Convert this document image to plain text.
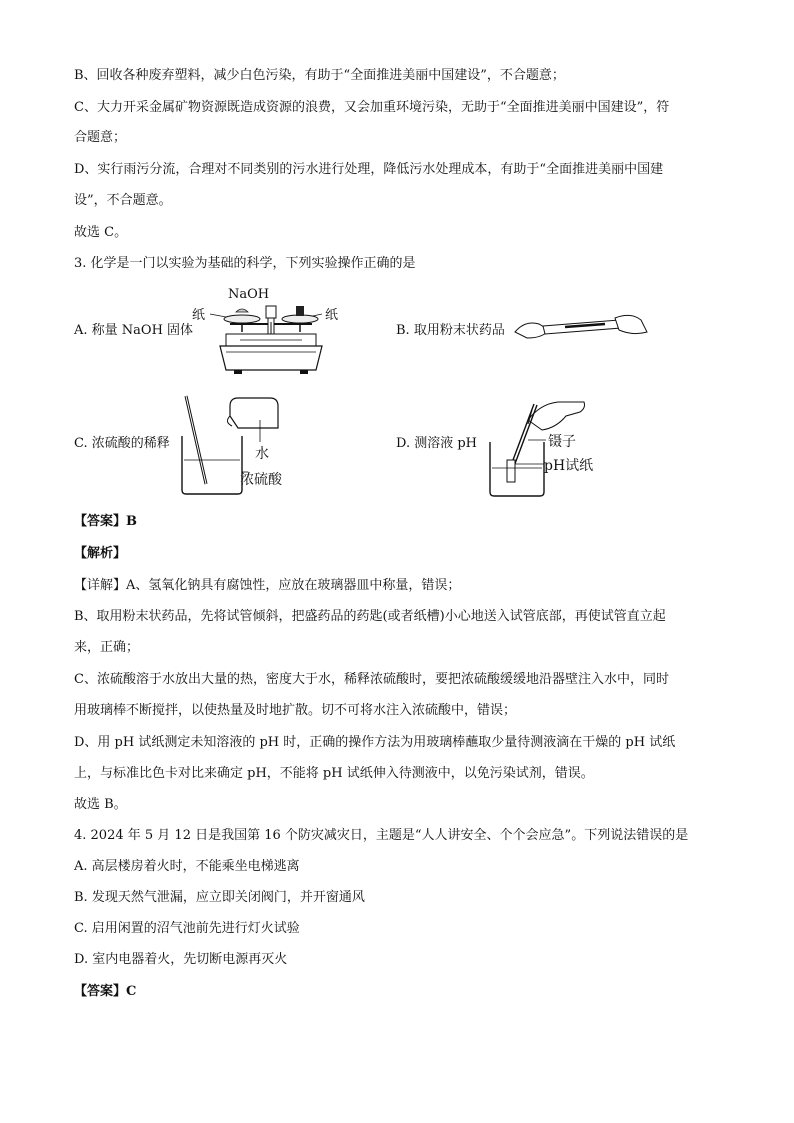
B、回收各种废弃塑料，减少白色污染，有助于“全面推进美丽中国建设”，不合题意；
C、大力开采金属矿物资源既造成资源的浪费，又会加重环境污染，无助于“全面推进美丽中国建设”，符
合题意；
D、实行雨污分流，合理对不同类别的污水进行处理，降低污水处理成本，有助于“全面推进美丽中国建
设”，不合题意。
故选 C。
3. 化学是一门以实验为基础的科学，下列实验操作正确的是
A. 称量 NaOH 固体	B. 取用粉末状药品
C. 浓硫酸的稀释	D. 测溶液 pH
NaOH
纸	纸
水
浓硫酸
镊子
pH试纸
【答案】B
【解析】
【详解】A、氢氧化钠具有腐蚀性，应放在玻璃器皿中称量，错误；
B、取用粉末状药品，先将试管倾斜，把盛药品的药匙(或者纸槽)小心地送入试管底部，再使试管直立起
来，正确；
C、浓硫酸溶于水放出大量的热，密度大于水，稀释浓硫酸时，要把浓硫酸缓缓地沿器壁注入水中，同时
用玻璃棒不断搅拌，以使热量及时地扩散。切不可将水注入浓硫酸中，错误；
D、用 pH 试纸测定未知溶液的 pH 时，正确的操作方法为用玻璃棒蘸取少量待测液滴在干燥的 pH 试纸
上，与标准比色卡对比来确定 pH，不能将 pH 试纸伸入待测液中，以免污染试剂，错误。
故选 B。
4. 2024 年 5 月 12 日是我国第 16 个防灾减灾日，主题是“人人讲安全、个个会应急”。下列说法错误的是
A. 高层楼房着火时，不能乘坐电梯逃离
B. 发现天然气泄漏，应立即关闭阀门，并开窗通风
C. 启用闲置的沼气池前先进行灯火试验
D. 室内电器着火，先切断电源再灭火
【答案】C
